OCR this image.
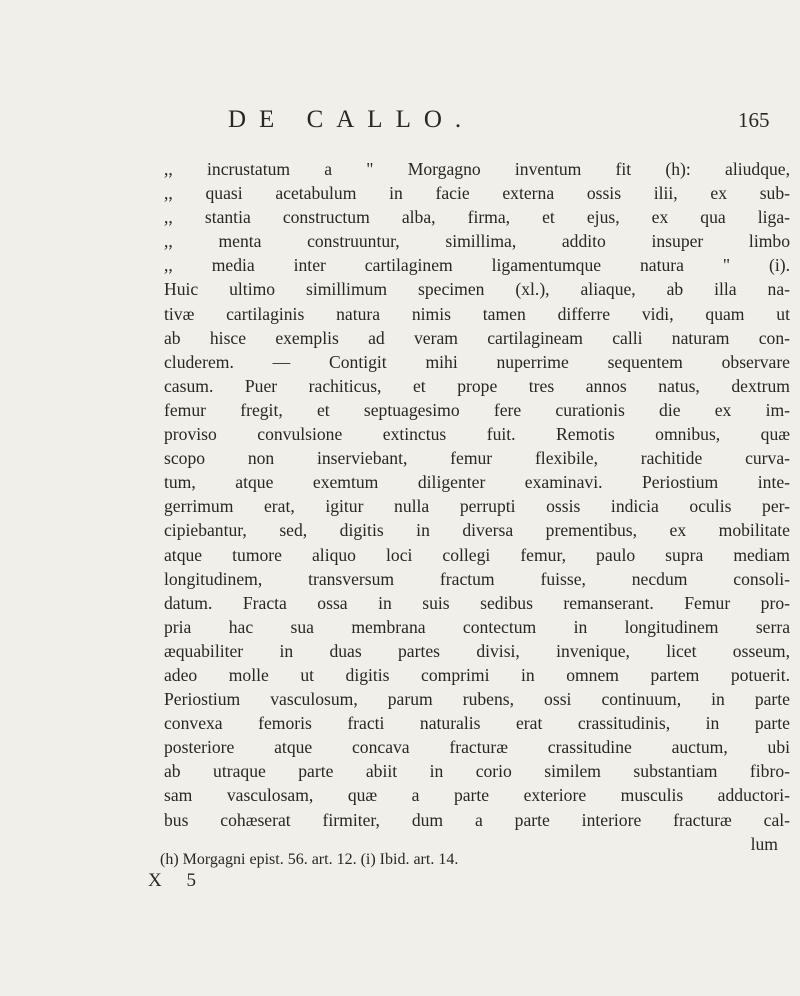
DE CALLO.	165
,, incrustatum a " Morgagno inventum fit (h): aliudque,
,, quasi acetabulum in facie externa ossis ilii, ex sub-
,, stantia constructum alba, firma, et ejus, ex qua liga-
,, menta construuntur, simillima, addito insuper limbo
,, media inter cartilaginem ligamentumque natura " (i).
Huic ultimo simillimum specimen (xl.), aliaque, ab illa na-
tivæ cartilaginis natura nimis tamen differre vidi, quam ut
ab hisce exemplis ad veram cartilagineam calli naturam con-
cluderem. — Contigit mihi nuperrime sequentem observare
casum. Puer rachiticus, et prope tres annos natus, dextrum
femur fregit, et septuagesimo fere curationis die ex im-
proviso convulsione extinctus fuit. Remotis omnibus, quæ
scopo non inserviebant, femur flexibile, rachitide curva-
tum, atque exemtum diligenter examinavi. Periostium inte-
gerrimum erat, igitur nulla perrupti ossis indicia oculis per-
cipiebantur, sed, digitis in diversa prementibus, ex mobilitate
atque tumore aliquo loci collegi femur, paulo supra mediam
longitudinem, transversum fractum fuisse, necdum consoli-
datum. Fracta ossa in suis sedibus remanserant. Femur pro-
pria hac sua membrana contectum in longitudinem serra
æquabiliter in duas partes divisi, invenique, licet osseum,
adeo molle ut digitis comprimi in omnem partem potuerit.
Periostium vasculosum, parum rubens, ossi continuum, in parte
convexa femoris fracti naturalis erat crassitudinis, in parte
posteriore atque concava fracturæ crassitudine auctum, ubi
ab utraque parte abiit in corio similem substantiam fibro-
sam vasculosam, quæ a parte exteriore musculis adductori-
bus cohæserat firmiter, dum a parte interiore fracturæ cal-
lum
(h) Morgagni epist. 56. art. 12. (i) Ibid. art. 14.
X 5
